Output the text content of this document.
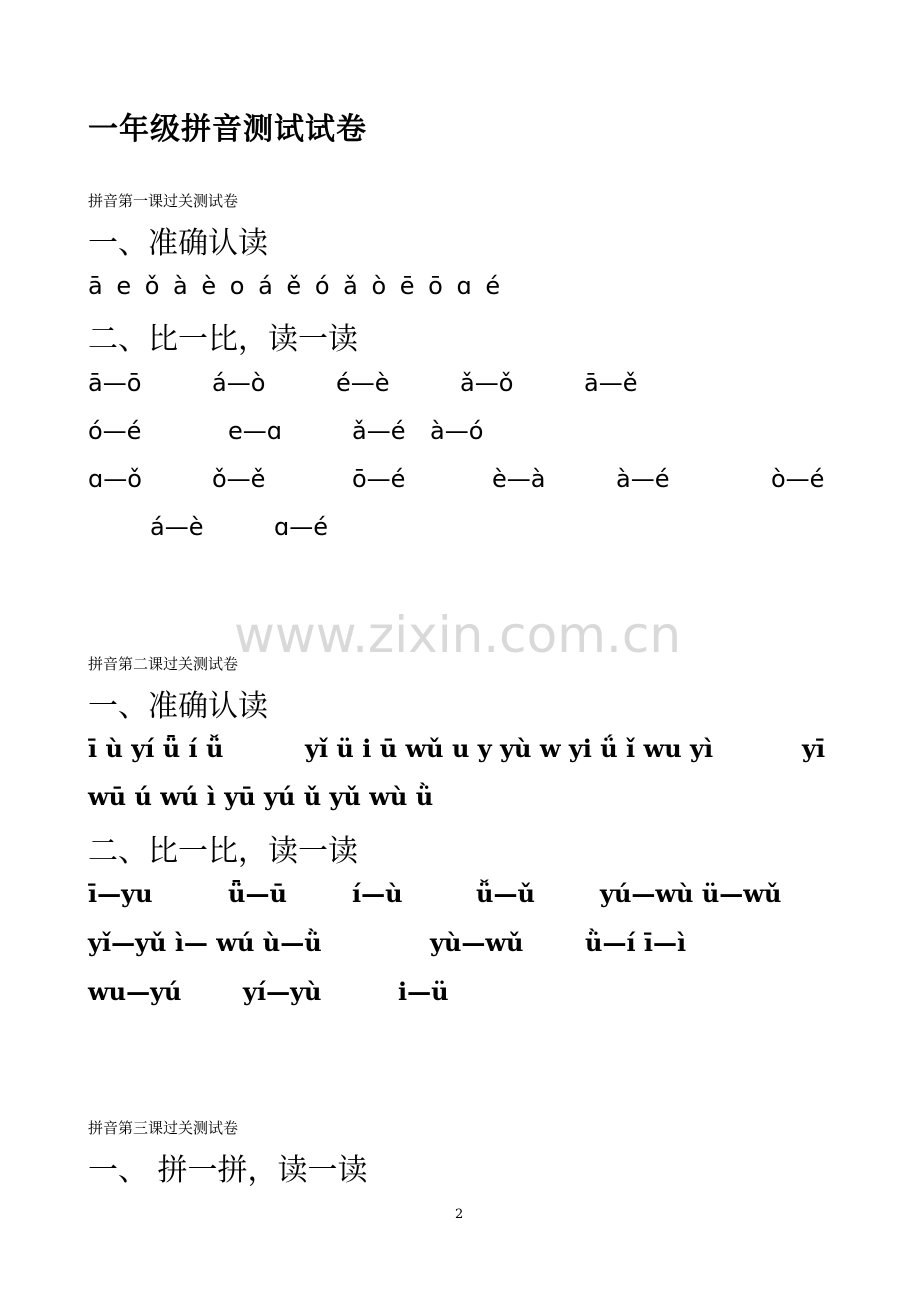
一年级拼音测试试卷
拼音第一课过关测试卷
一、准确认读
ā e ǒ à è o á ě ó ǎ ò ē ō ɑ é
二、比一比，读一读
ā—ō	á—ò	é—è	ǎ—ǒ	ā—ě
ó—é	e—ɑ	ǎ—é à—ó
ɑ—ǒ	ǒ—ě	ō—é	è—à	à—é	ò—é
á—è	ɑ—é
www.zixin.com.cn
拼音第二课过关测试卷
一、准确认读
ī ù yí ǖ í ǚ	yǐ ü i ū wǔ u y yù w yi ǘ ǐ wu yì	yī
wū ú wú ì yū yú ǔ yǔ wù ǜ
二、比一比，读一读
ī—yu	ǖ—ū	í—ù	ǚ—ǔ	yú—wù ü—wǔ
yǐ—yǔ ì— wú ù—ǜ	yù—wǔ	ǜ—í ī—ì
wu—yú	yí—yù	i—ü
拼音第三课过关测试卷
一、 拼一拼，读一读
2
